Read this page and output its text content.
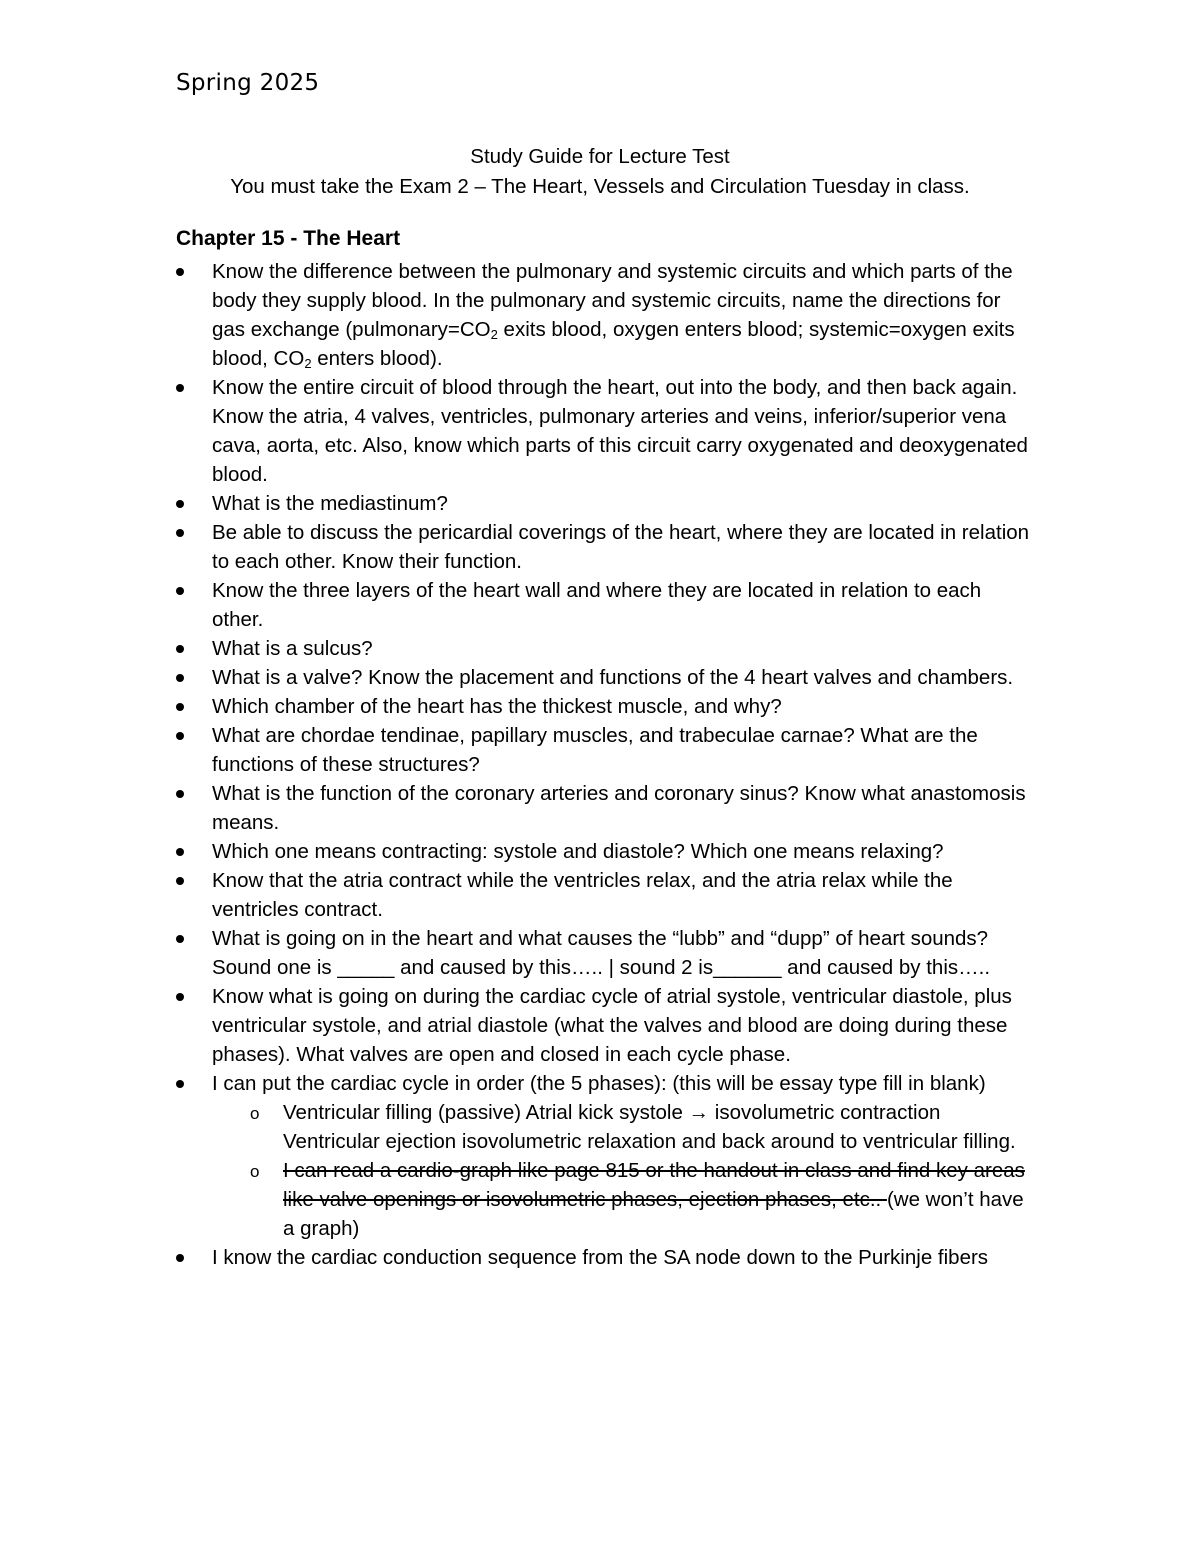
Spring 2025
Study Guide for Lecture Test
You must take the Exam 2 – The Heart, Vessels and Circulation Tuesday in class.
Chapter 15 - The Heart
Know the difference between the pulmonary and systemic circuits and which parts of the body they supply blood. In the pulmonary and systemic circuits, name the directions for gas exchange ($pulmonary=CO_2$ exits blood, oxygen enters blood; systemic=oxygen exits blood, $CO_2$ enters blood).
Know the entire circuit of blood through the heart, out into the body, and then back again. Know the atria, 4 valves, ventricles, pulmonary arteries and veins, inferior/superior vena cava, aorta, etc. Also, know which parts of this circuit carry oxygenated and deoxygenated blood.
What is the mediastinum?
Be able to discuss the pericardial coverings of the heart, where they are located in relation to each other. Know their function.
Know the three layers of the heart wall and where they are located in relation to each other.
What is a sulcus?
What is a valve? Know the placement and functions of the 4 heart valves and chambers.
Which chamber of the heart has the thickest muscle, and why?
What are chordae tendinae, papillary muscles, and trabeculae carnae? What are the functions of these structures?
What is the function of the coronary arteries and coronary sinus? Know what anastomosis means.
Which one means contracting: systole and diastole? Which one means relaxing?
Know that the atria contract while the ventricles relax, and the atria relax while the ventricles contract.
What is going on in the heart and what causes the “lubb” and “dupp” of heart sounds? Sound one is _____ and caused by this….. | sound 2 is______ and caused by this…..
Know what is going on during the cardiac cycle of atrial systole, ventricular diastole, plus ventricular systole, and atrial diastole (what the valves and blood are doing during these phases). What valves are open and closed in each cycle phase.
I can put the cardiac cycle in order (the 5 phases): (this will be essay type fill in blank)
o Ventricular filling (passive) Atrial kick systole → isovolumetric contraction Ventricular ejection isovolumetric relaxation and back around to ventricular filling.
o I can read a cardio-graph like page 815 or the handout in class and find key areas like valve openings or isovolumetric phases, ejection phases, etc.. (we won’t have a graph)
I know the cardiac conduction sequence from the SA node down to the Purkinje fibers
